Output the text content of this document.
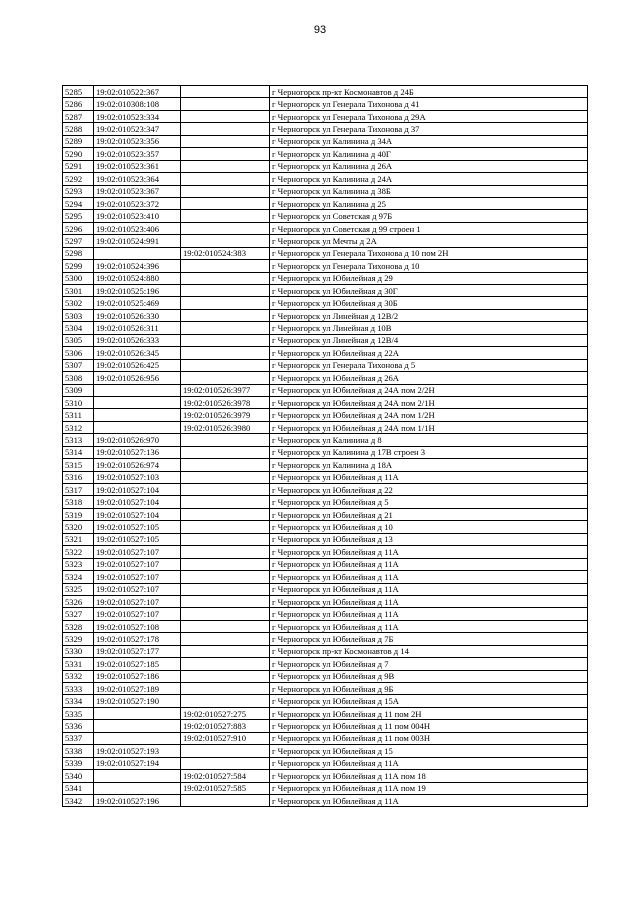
93
5285	19:02:010522:367		г Черногорск пр-кт Космонавтов д 24Б
5286	19:02:010308:108		г Черногорск ул Генерала Тихонова д 41
5287	19:02:010523:334		г Черногорск ул Генерала Тихонова д 29А
5288	19:02:010523:347		г Черногорск ул Генерала Тихонова д 37
5289	19:02:010523:356		г Черногорск ул Калинина д 34А
5290	19:02:010523:357		г Черногорск ул Калинина д 40Г
5291	19:02:010523:361		г Черногорск ул Калинина д 26А
5292	19:02:010523:364		г Черногорск ул Калинина д 24А
5293	19:02:010523:367		г Черногорск ул Калинина д 38Б
5294	19:02:010523:372		г Черногорск ул Калинина д 25
5295	19:02:010523:410		г Черногорск ул Советская д 97Б
5296	19:02:010523:406		г Черногорск ул Советская д 99 строен 1
5297	19:02:010524:991		г Черногорск ул Мечты д 2А
5298		19:02:010524:383	г Черногорск ул Генерала Тихонова д 10 пом 2Н
5299	19:02:010524:396		г Черногорск ул Генерала Тихонова д 10
5300	19:02:010524:880		г Черногорск ул Юбилейная д 29
5301	19:02:010525:196		г Черногорск ул Юбилейная д 30Г
5302	19:02:010525:469		г Черногорск ул Юбилейная д 30Б
5303	19:02:010526:330		г Черногорск ул Линейная д 12В/2
5304	19:02:010526:311		г Черногорск ул Линейная д 10В
5305	19:02:010526:333		г Черногорск ул Линейная д 12В/4
5306	19:02:010526:345		г Черногорск ул Юбилейная д 22А
5307	19:02:010526:425		г Черногорск ул Генерала Тихонова д 5
5308	19:02:010526:956		г Черногорск ул Юбилейная д 26А
5309		19:02:010526:3977	г Черногорск ул Юбилейная д 24А пом 2/2Н
5310		19:02:010526:3978	г Черногорск ул Юбилейная д 24А пом 2/1Н
5311		19:02:010526:3979	г Черногорск ул Юбилейная д 24А пом 1/2Н
5312		19:02:010526:3980	г Черногорск ул Юбилейная д 24А пом 1/1Н
5313	19:02:010526:970		г Черногорск ул Калинина д 8
5314	19:02:010527:136		г Черногорск ул Калинина д 17В строен 3
5315	19:02:010526:974		г Черногорск ул Калинина д 18А
5316	19:02:010527:103		г Черногорск ул Юбилейная д 11А
5317	19:02:010527:104		г Черногорск ул Юбилейная д 22
5318	19:02:010527:104		г Черногорск ул Юбилейная д 5
5319	19:02:010527:104		г Черногорск ул Юбилейная д 21
5320	19:02:010527:105		г Черногорск ул Юбилейная д 10
5321	19:02:010527:105		г Черногорск ул Юбилейная д 13
5322	19:02:010527:107		г Черногорск ул Юбилейная д 11А
5323	19:02:010527:107		г Черногорск ул Юбилейная д 11А
5324	19:02:010527:107		г Черногорск ул Юбилейная д 11А
5325	19:02:010527:107		г Черногорск ул Юбилейная д 11А
5326	19:02:010527:107		г Черногорск ул Юбилейная д 11А
5327	19:02:010527:107		г Черногорск ул Юбилейная д 11А
5328	19:02:010527:108		г Черногорск ул Юбилейная д 11А
5329	19:02:010527:178		г Черногорск ул Юбилейная д 7Б
5330	19:02:010527:177		г Черногорск пр-кт Космонавтов д 14
5331	19:02:010527:185		г Черногорск ул Юбилейная д 7
5332	19:02:010527:186		г Черногорск ул Юбилейная д 9В
5333	19:02:010527:189		г Черногорск ул Юбилейная д 9Б
5334	19:02:010527:190		г Черногорск ул Юбилейная д 15А
5335		19:02:010527:275	г Черногорск ул Юбилейная д 11 пом 2Н
5336		19:02:010527:883	г Черногорск ул Юбилейная д 11 пом 004Н
5337		19:02:010527:910	г Черногорск ул Юбилейная д 11 пом 003Н
5338	19:02:010527:193		г Черногорск ул Юбилейная д 15
5339	19:02:010527:194		г Черногорск ул Юбилейная д 11А
5340		19:02:010527:584	г Черногорск ул Юбилейная д 11А пом 18
5341		19:02:010527:585	г Черногорск ул Юбилейная д 11А пом 19
5342	19:02:010527:196		г Черногорск ул Юбилейная д 11А
